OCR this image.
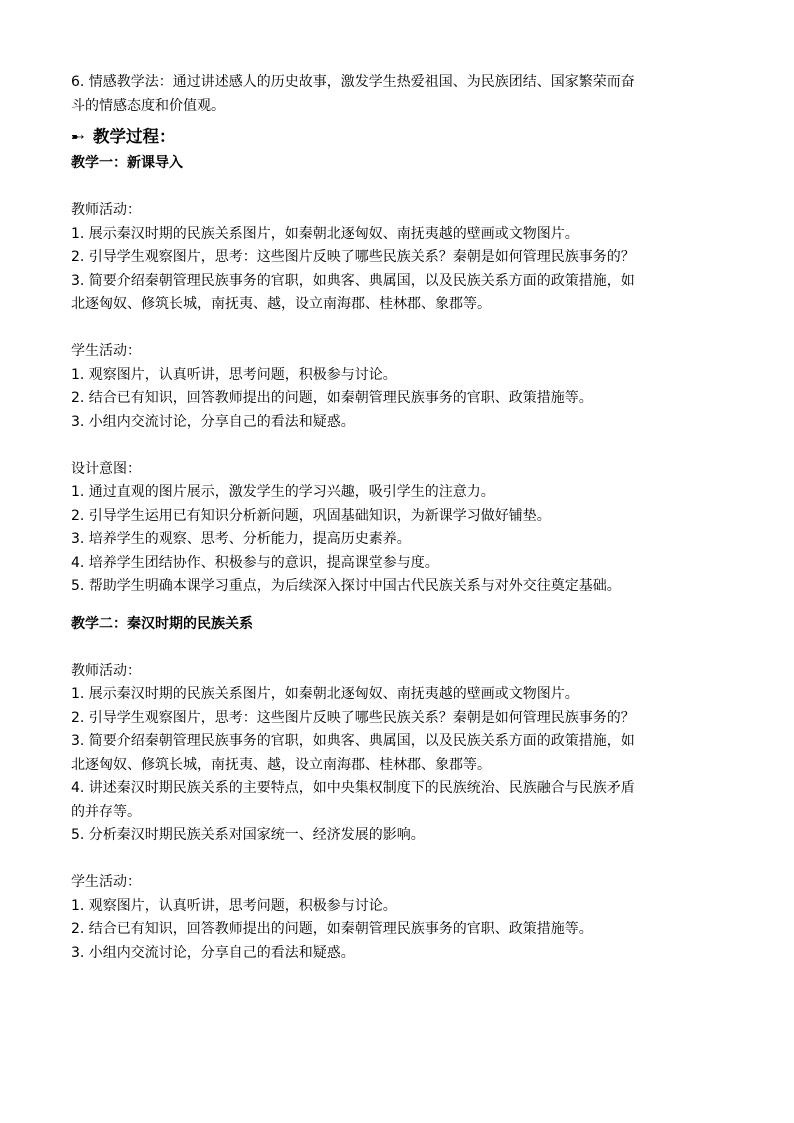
6. 情感教学法：通过讲述感人的历史故事，激发学生热爱祖国、为民族团结、国家繁荣而奋

斗的情感态度和价值观。

➸ 教学过程：
教学一：新课导入

教师活动：

1. 展示秦汉时期的民族关系图片，如秦朝北逐匈奴、南抚夷越的壁画或文物图片。

2. 引导学生观察图片，思考：这些图片反映了哪些民族关系？秦朝是如何管理民族事务的？

3. 简要介绍秦朝管理民族事务的官职，如典客、典属国，以及民族关系方面的政策措施，如

北逐匈奴、修筑长城，南抚夷、越，设立南海郡、桂林郡、象郡等。

学生活动：

1. 观察图片，认真听讲，思考问题，积极参与讨论。

2. 结合已有知识，回答教师提出的问题，如秦朝管理民族事务的官职、政策措施等。

3. 小组内交流讨论，分享自己的看法和疑惑。

设计意图：

1. 通过直观的图片展示，激发学生的学习兴趣，吸引学生的注意力。

2. 引导学生运用已有知识分析新问题，巩固基础知识，为新课学习做好铺垫。

3. 培养学生的观察、思考、分析能力，提高历史素养。

4. 培养学生团结协作、积极参与的意识，提高课堂参与度。

5. 帮助学生明确本课学习重点，为后续深入探讨中国古代民族关系与对外交往奠定基础。

教学二：秦汉时期的民族关系

教师活动：

1. 展示秦汉时期的民族关系图片，如秦朝北逐匈奴、南抚夷越的壁画或文物图片。

2. 引导学生观察图片，思考：这些图片反映了哪些民族关系？秦朝是如何管理民族事务的？

3. 简要介绍秦朝管理民族事务的官职，如典客、典属国，以及民族关系方面的政策措施，如

北逐匈奴、修筑长城，南抚夷、越，设立南海郡、桂林郡、象郡等。

4. 讲述秦汉时期民族关系的主要特点，如中央集权制度下的民族统治、民族融合与民族矛盾

的并存等。

5. 分析秦汉时期民族关系对国家统一、经济发展的影响。

学生活动：

1. 观察图片，认真听讲，思考问题，积极参与讨论。

2. 结合已有知识，回答教师提出的问题，如秦朝管理民族事务的官职、政策措施等。

3. 小组内交流讨论，分享自己的看法和疑惑。
